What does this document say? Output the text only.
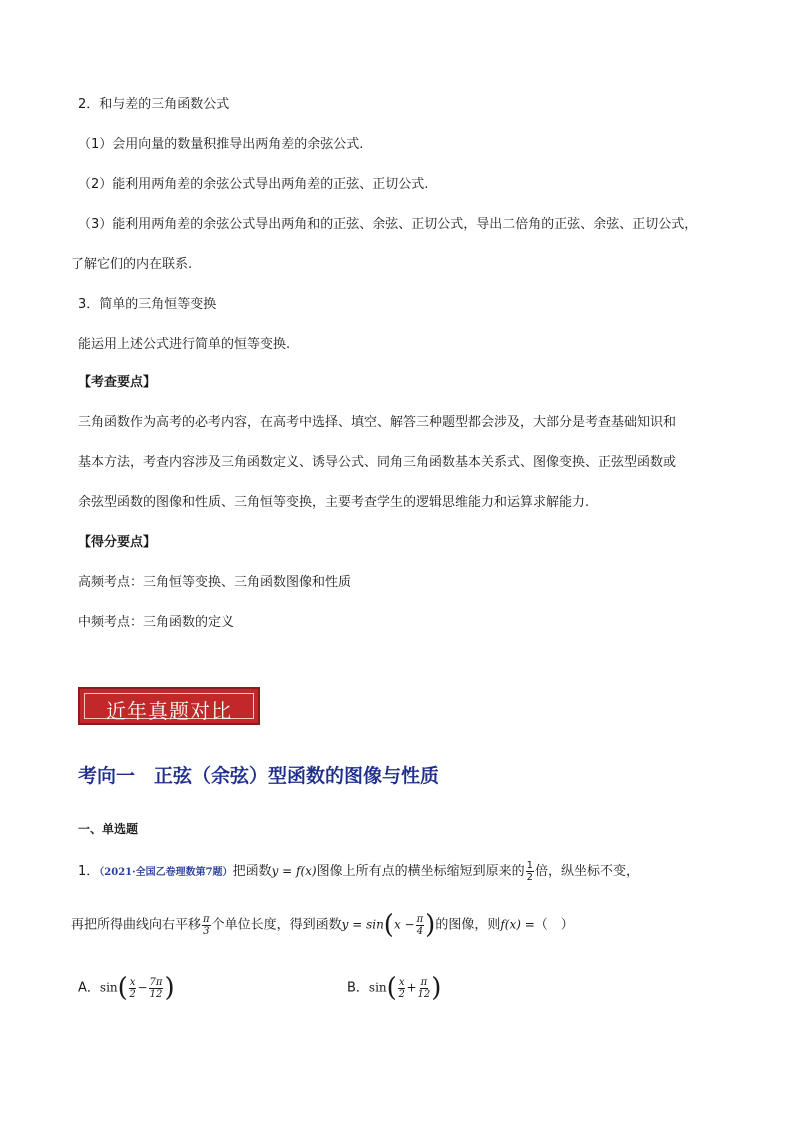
2．和与差的三角函数公式
（1）会用向量的数量积推导出两角差的余弦公式.
（2）能利用两角差的余弦公式导出两角差的正弦、正切公式.
（3）能利用两角差的余弦公式导出两角和的正弦、余弦、正切公式，导出二倍角的正弦、余弦、正切公式，
了解它们的内在联系.
3．简单的三角恒等变换
能运用上述公式进行简单的恒等变换.
【考查要点】
三角函数作为高考的必考内容，在高考中选择、填空、解答三种题型都会涉及，大部分是考查基础知识和
基本方法，考查内容涉及三角函数定义、诱导公式、同角三角函数基本关系式、图像变换、正弦型函数或
余弦型函数的图像和性质、三角恒等变换，主要考查学生的逻辑思维能力和运算求解能力.
【得分要点】
高频考点：三角恒等变换、三角函数图像和性质
中频考点：三角函数的定义
近年真题对比
考向一　正弦（余弦）型函数的图像与性质
一、单选题
1．（2021·全国乙卷理数第7题）把函数y = f(x)图像上所有点的横坐标缩短到原来的 $\frac{1}{2}$ 倍，纵坐标不变，
再把所得曲线向右平移 $\frac{\pi}{3}$ 个单位长度，得到函数$y = \sin(x - \frac{\pi}{4}$ )的图像，则f(x) =（　）
A．$\sin( \frac{x}{2} - \frac{7\pi}{12}$ )	B．$\sin( \frac{x}{2} + \frac{\pi}{12}$ )
